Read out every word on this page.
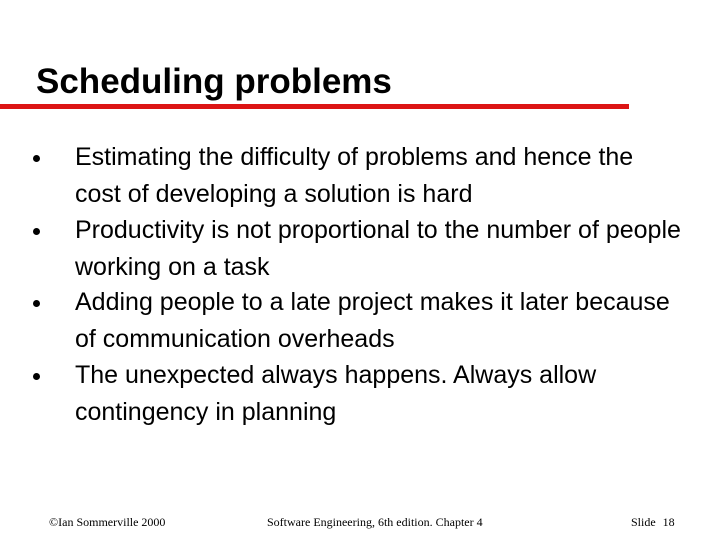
Scheduling problems

Estimating the difficulty of problems and hence the cost of developing a solution is hard

Productivity is not proportional to the number of people working on a task

Adding people to a late project makes it later because of communication overheads

The unexpected always happens. Always allow contingency in planning

©Ian Sommerville 2000	Software Engineering, 6th edition. Chapter 4	Slide 18
